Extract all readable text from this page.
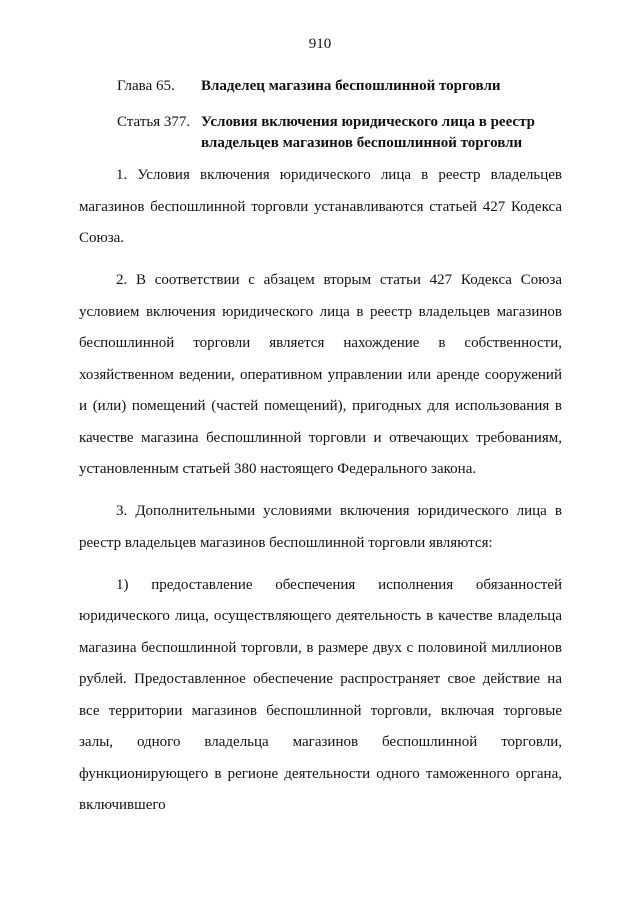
910
Глава 65. Владелец магазина беспошлинной торговли
Статья 377. Условия включения юридического лица в реестр
владельцев магазинов беспошлинной торговли

1. Условия включения юридического лица в реестр владельцев магазинов беспошлинной торговли устанавливаются статьей 427 Кодекса Союза.

2. В соответствии с абзацем вторым статьи 427 Кодекса Союза условием включения юридического лица в реестр владельцев магазинов беспошлинной торговли является нахождение в собственности, хозяйственном ведении, оперативном управлении или аренде сооружений и (или) помещений (частей помещений), пригодных для использования в качестве магазина беспошлинной торговли и отвечающих требованиям, установленным статьей 380 настоящего Федерального закона.

3. Дополнительными условиями включения юридического лица в реестр владельцев магазинов беспошлинной торговли являются:

1) предоставление обеспечения исполнения обязанностей юридического лица, осуществляющего деятельность в качестве владельца магазина беспошлинной торговли, в размере двух с половиной миллионов рублей. Предоставленное обеспечение распространяет свое действие на все территории магазинов беспошлинной торговли, включая торговые залы, одного владельца магазинов беспошлинной торговли, функционирующего в регионе деятельности одного таможенного органа, включившего
